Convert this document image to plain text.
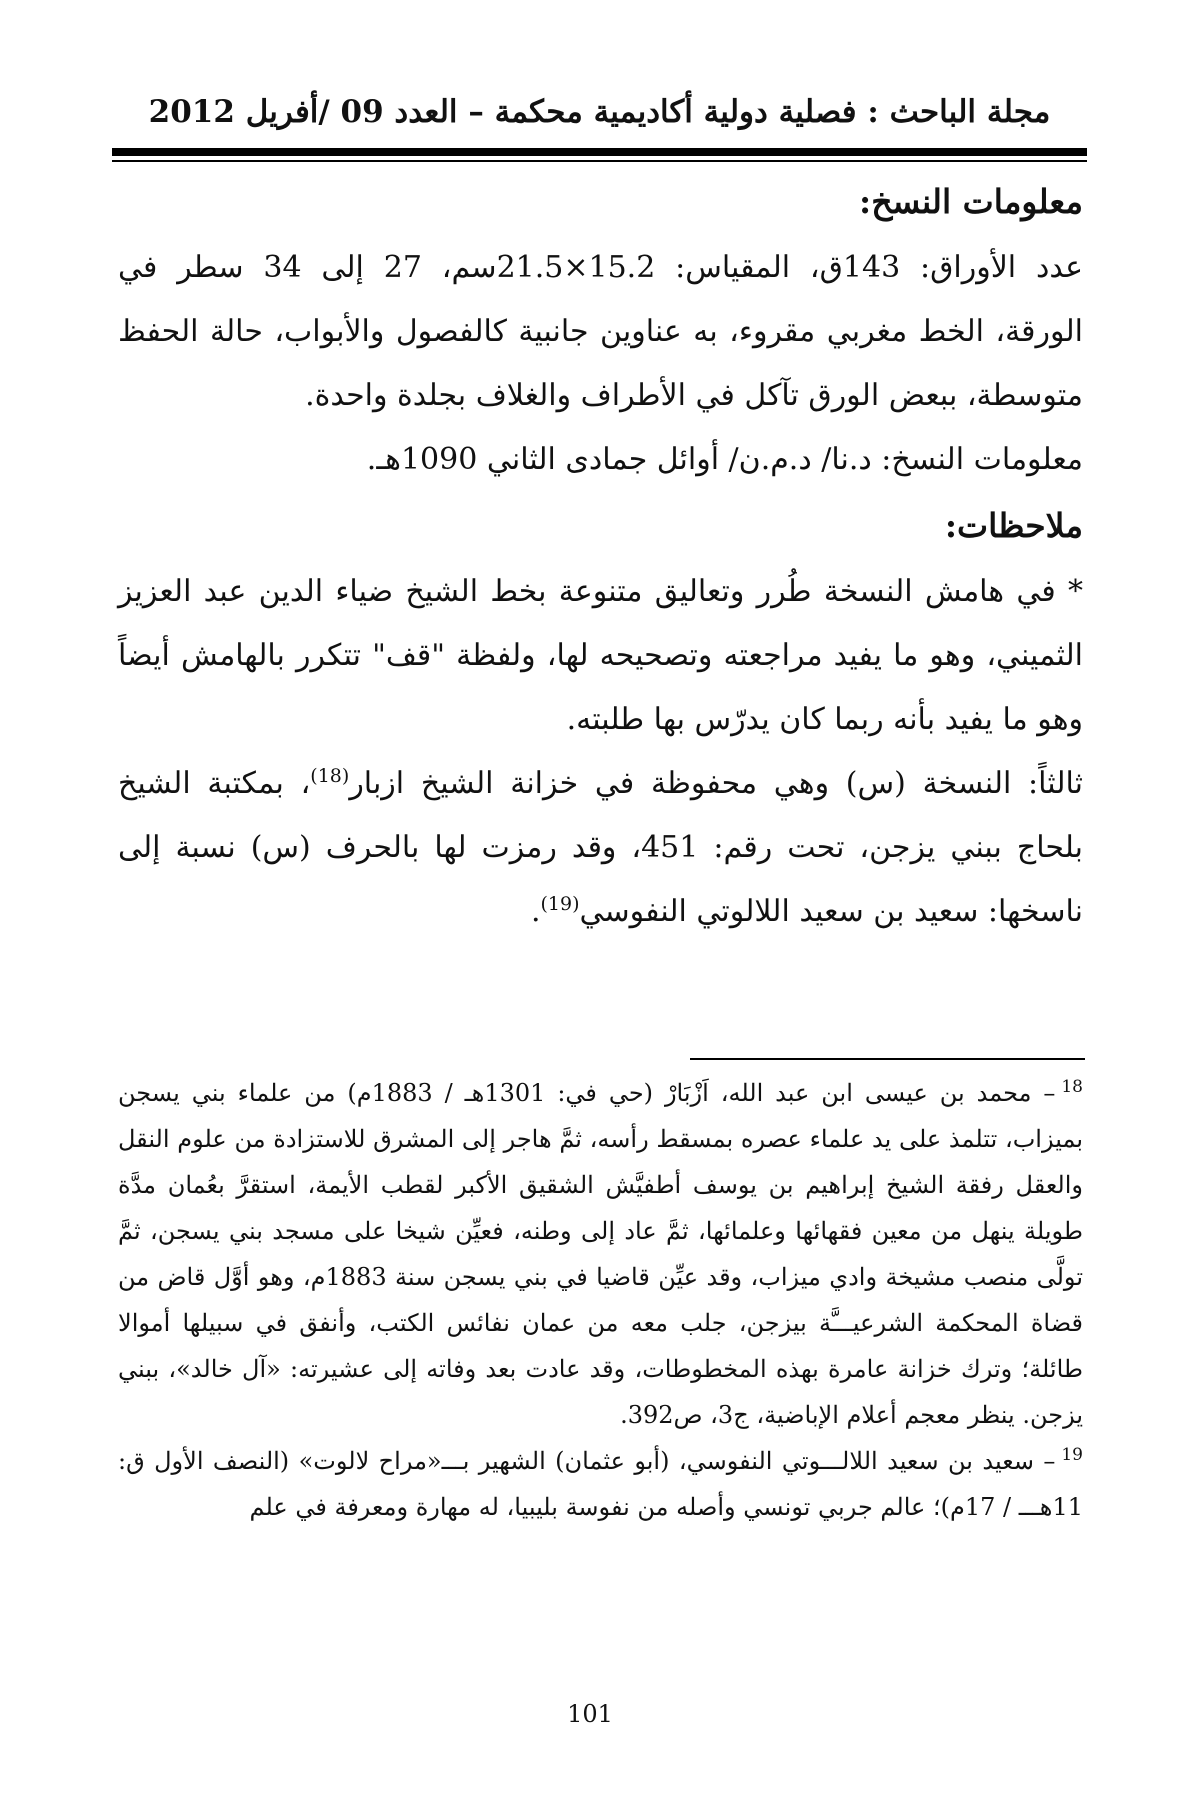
مجلة الباحث : فصلية دولية أكاديمية محكمة – العدد 09 /أفريل 2012
معلومات النسخ:

عدد الأوراق: 143ق، المقياس: 15.2×21.5سم، 27 إلى 34 سطر في الورقة، الخط مغربي مقروء، به عناوين جانبية كالفصول والأبواب، حالة الحفظ متوسطة، ببعض الورق تآكل في الأطراف والغلاف بجلدة واحدة.

معلومات النسخ: د.نا/ د.م.ن/ أوائل جمادى الثاني 1090هـ.

ملاحظات:

* في هامش النسخة طُرر وتعاليق متنوعة بخط الشيخ ضياء الدين عبد العزيز الثميني، وهو ما يفيد مراجعته وتصحيحه لها، ولفظة "قف" تتكرر بالهامش أيضاً وهو ما يفيد بأنه ربما كان يدرّس بها طلبته.

ثالثاً: النسخة (س) وهي محفوظة في خزانة الشيخ ازبار$^{(18)}$، بمكتبة الشيخ بلحاج ببني يزجن، تحت رقم: 451، وقد رمزت لها بالحرف (س) نسبة إلى ناسخها: سعيد بن سعيد اللالوتي النفوسي$^{(19)}$.

$^{18}$– محمد بن عيسى ابن عبد الله، اَزْبَارْ (حي في: 1301هـ / 1883م) من علماء بني يسجن بميزاب، تتلمذ على يد علماء عصره بمسقط رأسه، ثمَّ هاجر إلى المشرق للاستزادة من علوم النقل والعقل رفقة الشيخ إبراهيم بن يوسف أطفيَّش الشقيق الأكبر لقطب الأيمة، استقرَّ بعُمان مدَّة طويلة ينهل من معين فقهائها وعلمائها، ثمَّ عاد إلى وطنه، فعيِّن شيخا على مسجد بني يسجن، ثمَّ تولَّى منصب مشيخة وادي ميزاب، وقد عيِّن قاضيا في بني يسجن سنة 1883م، وهو أوَّل قاض من قضاة المحكمة الشرعيـــَّة بيزجن، جلب معه من عمان نفائس الكتب، وأنفق في سبيلها أموالا طائلة؛ وترك خزانة عامرة بهذه المخطوطات، وقد عادت بعد وفاته إلى عشيرته: «آل خالد»، ببني يزجن. ينظر معجم أعلام الإباضية، ج3، ص392.

$^{19}$– سعيد بن سعيد اللالـــوتي النفوسي، (أبو عثمان) الشهير بـــ«مراح لالوت» (النصف الأول ق: 11هـــ / 17م)؛ عالم جربي تونسي وأصله من نفوسة بليبيا، له مهارة ومعرفة في علم

101
